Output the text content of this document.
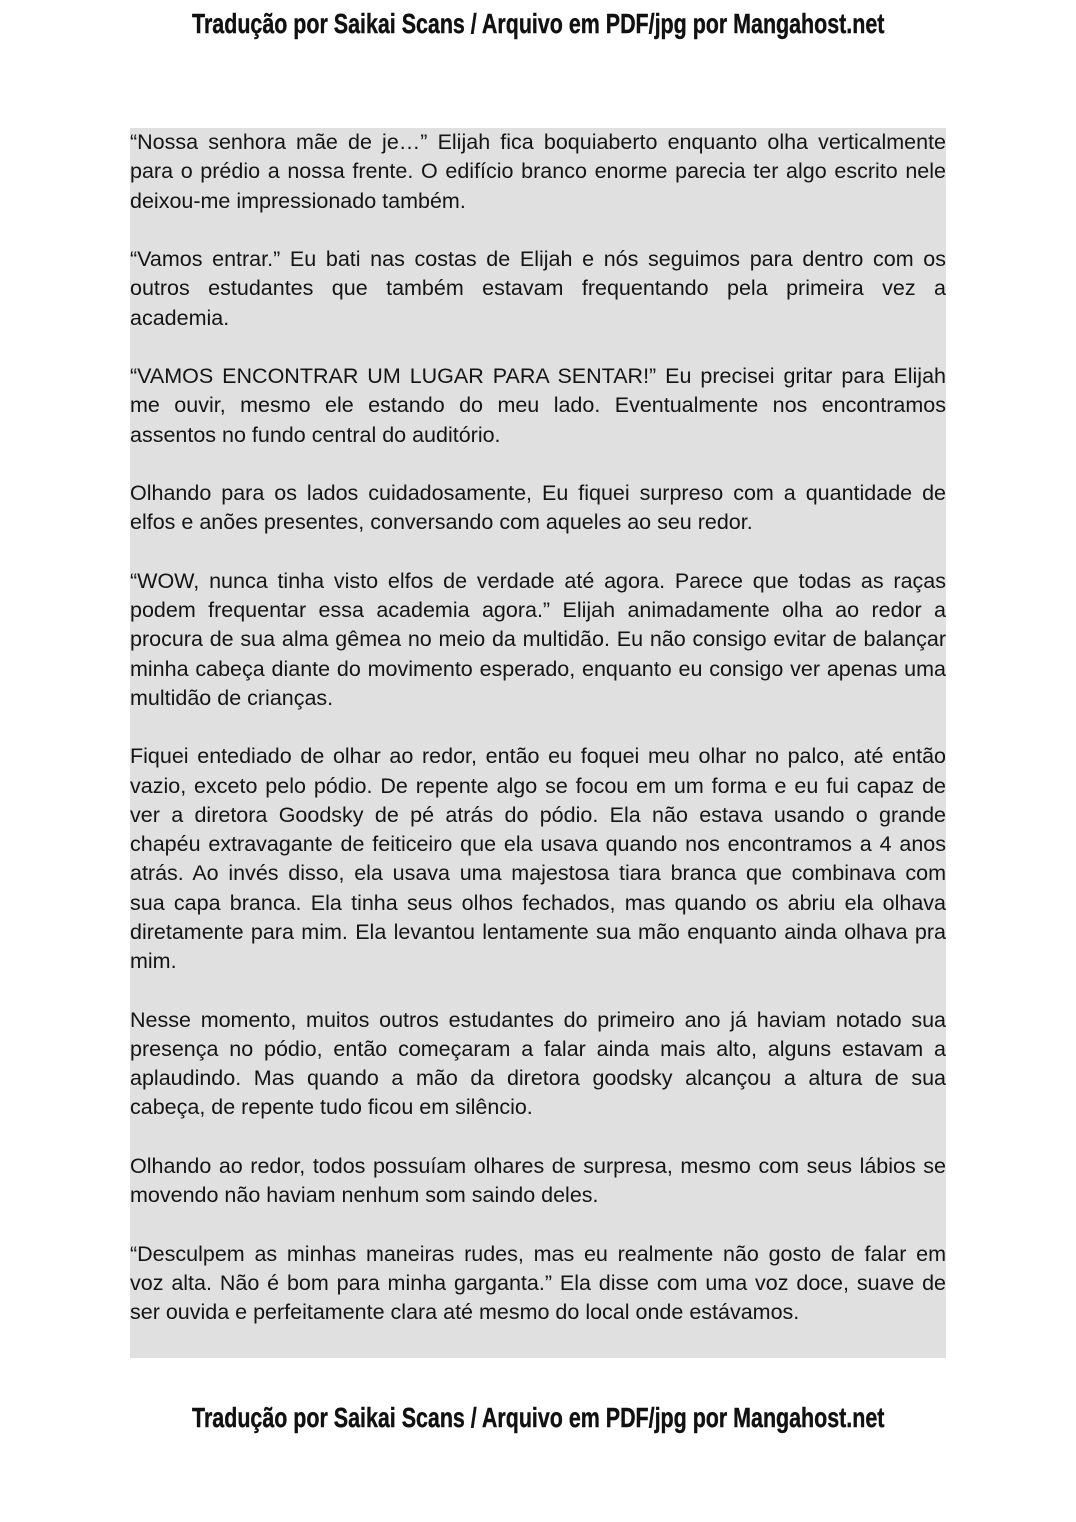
Tradução por Saikai Scans / Arquivo em PDF/jpg por Mangahost.net
“Nossa senhora mãe de je…” Elijah fica boquiaberto enquanto olha verticalmente
para o prédio a nossa frente. O edifício branco enorme parecia ter algo escrito nele
deixou-me impressionado também.
“Vamos entrar.” Eu bati nas costas de Elijah e nós seguimos para dentro com os
outros estudantes que também estavam frequentando pela primeira vez a
academia.
“VAMOS ENCONTRAR UM LUGAR PARA SENTAR!” Eu precisei gritar para Elijah
me ouvir, mesmo ele estando do meu lado. Eventualmente nos encontramos
assentos no fundo central do auditório.
Olhando para os lados cuidadosamente, Eu fiquei surpreso com a quantidade de
elfos e anões presentes, conversando com aqueles ao seu redor.
“WOW, nunca tinha visto elfos de verdade até agora. Parece que todas as raças
podem frequentar essa academia agora.” Elijah animadamente olha ao redor a
procura de sua alma gêmea no meio da multidão. Eu não consigo evitar de balançar
minha cabeça diante do movimento esperado, enquanto eu consigo ver apenas uma
multidão de crianças.
Fiquei entediado de olhar ao redor, então eu foquei meu olhar no palco, até então
vazio, exceto pelo pódio. De repente algo se focou em um forma e eu fui capaz de
ver a diretora Goodsky de pé atrás do pódio. Ela não estava usando o grande
chapéu extravagante de feiticeiro que ela usava quando nos encontramos a 4 anos
atrás. Ao invés disso, ela usava uma majestosa tiara branca que combinava com
sua capa branca. Ela tinha seus olhos fechados, mas quando os abriu ela olhava
diretamente para mim. Ela levantou lentamente sua mão enquanto ainda olhava pra
mim.
Nesse momento, muitos outros estudantes do primeiro ano já haviam notado sua
presença no pódio, então começaram a falar ainda mais alto, alguns estavam a
aplaudindo. Mas quando a mão da diretora goodsky alcançou a altura de sua
cabeça, de repente tudo ficou em silêncio.
Olhando ao redor, todos possuíam olhares de surpresa, mesmo com seus lábios se
movendo não haviam nenhum som saindo deles.
“Desculpem as minhas maneiras rudes, mas eu realmente não gosto de falar em
voz alta. Não é bom para minha garganta.” Ela disse com uma voz doce, suave de
ser ouvida e perfeitamente clara até mesmo do local onde estávamos.
Tradução por Saikai Scans / Arquivo em PDF/jpg por Mangahost.net
